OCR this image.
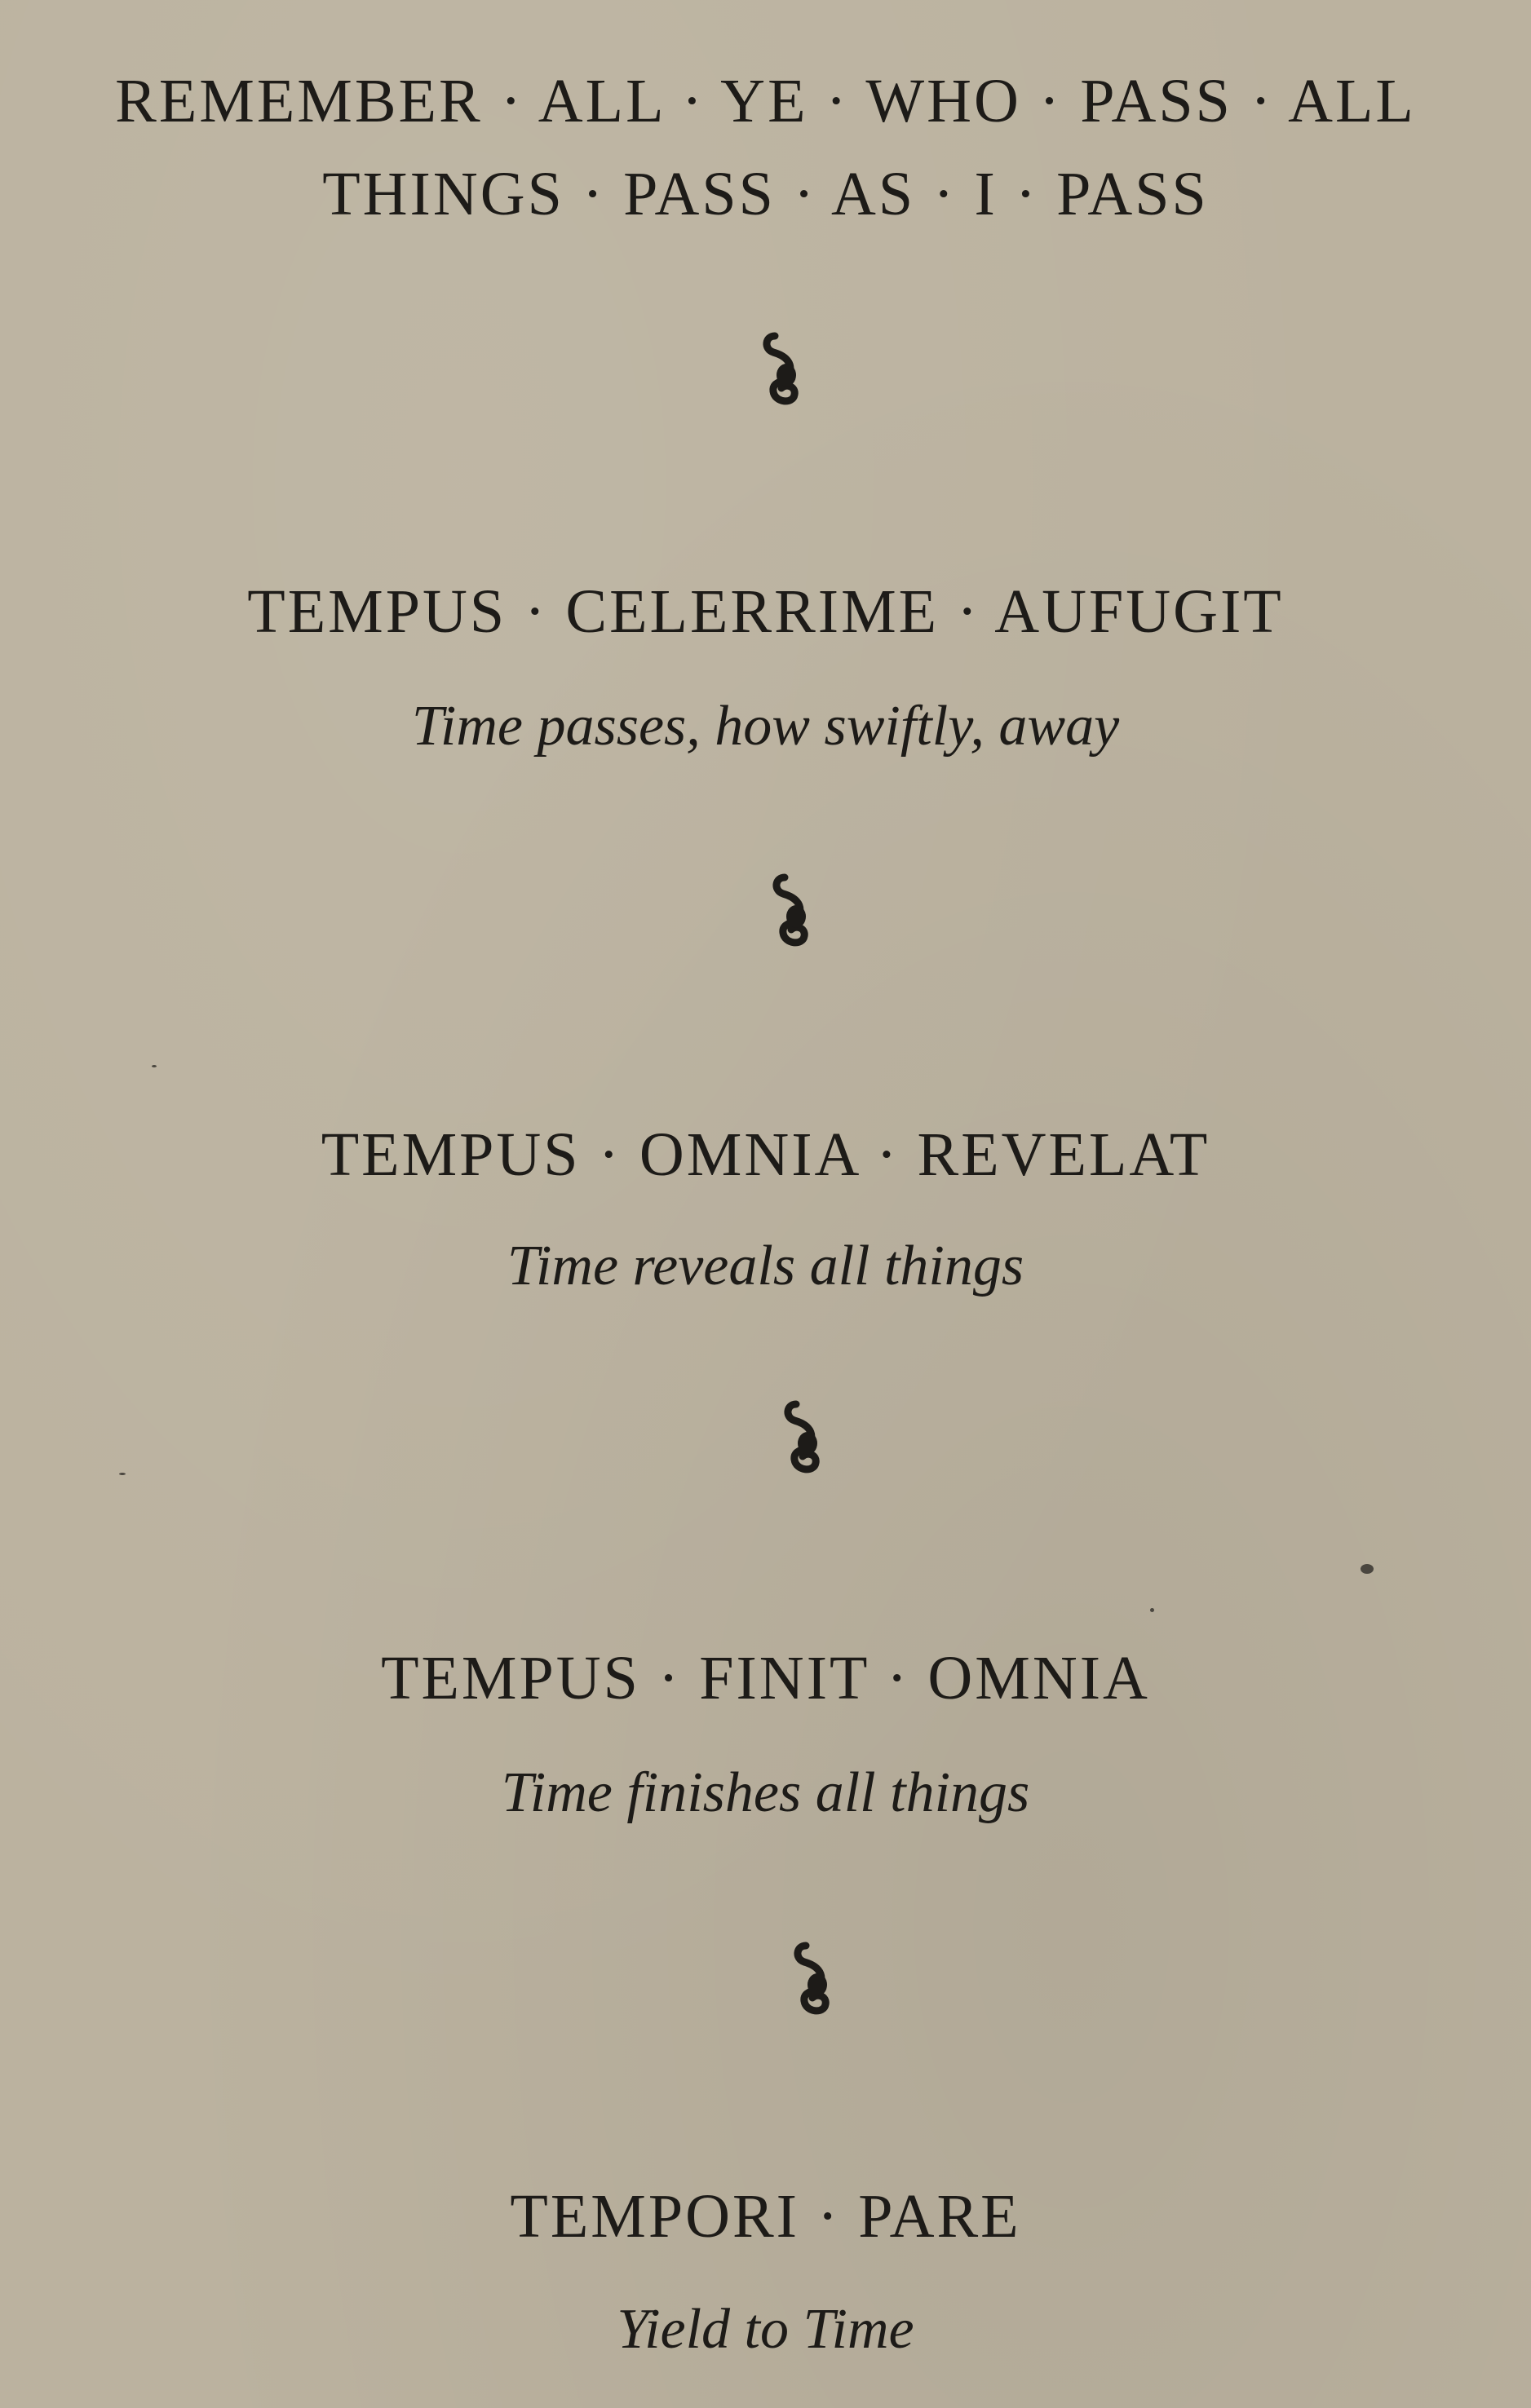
REMEMBER · ALL · YE · WHO · PASS · ALL
THINGS · PASS · AS · I · PASS
TEMPUS · CELERRIME · AUFUGIT
Time passes, how swiftly, away
TEMPUS · OMNIA · REVELAT
Time reveals all things
TEMPUS · FINIT · OMNIA
Time finishes all things
TEMPORI · PARE
Yield to Time
